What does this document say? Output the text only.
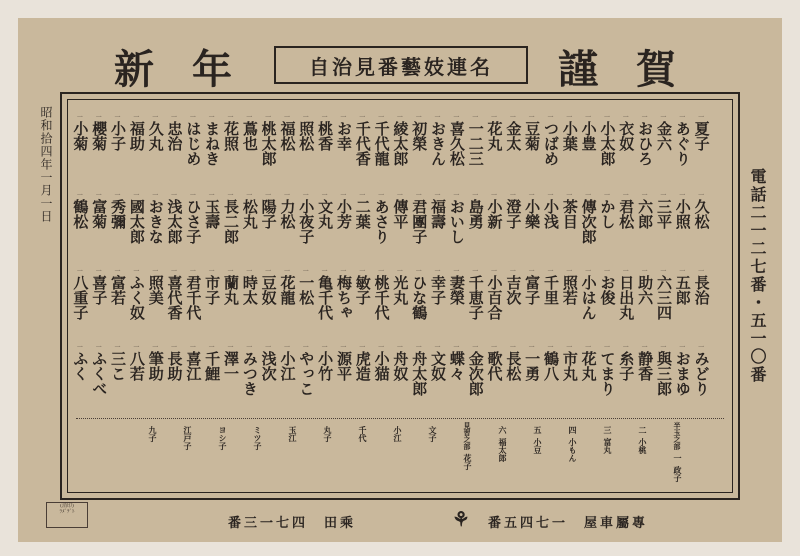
新年	自治見番藝妓連名	謹賀
昭和拾四年一月一日
電話二一二七番・五一〇番
一
夏子
一
久松
一
長治
一
みどり
一
あぐり
一
小照
一
五郎
一
おまゆ
一
金六
一
三平
一
六三四
一
與三郎
一
おひろ
一
六郎
一
助六
一
静香
一
衣奴
一
君松
一
日出丸
一
糸子
一
小太郎
一
かし
一
お俊
一
てまり
一
小豊
一
傳次郎
一
小はん
一
花丸
一
小葉
一
茶目
一
照若
一
市丸
一
つばめ
一
小浅
一
千里
一
鶴八
一
豆菊
一
小樂
一
富子
一
一勇
一
金太
一
澄子
一
吉次
一
長松
一
花丸
一
小新
一
小百合
一
歌代
一
一二三
一
島勇
一
千恵子
一
金次郎
一
喜久松
一
おいし
一
妻榮
一
蝶々
一
おきん
一
福壽
一
幸子
一
文奴
一
初榮
一
君團子
一
ひな鶴
一
舟太郎
一
綾太郎
一
傳平
一
光丸
一
舟奴
一
千代龍
一
あさり
一
桃千代
一
小猫
一
千代香
一
二葉
一
敏子
一
虎造
一
お幸
一
小芳
一
梅ちゃ
一
源平
一
桃香
一
文丸
一
亀千代
一
小竹
一
照松
一
小夜子
一
一松
一
やっこ
一
福松
一
力松
一
花龍
一
小江
一
桃太郎
一
陽子
一
豆奴
一
浅次
一
蔦也
一
松丸
一
時太
一
みつき
一
花照
一
長二郎
一
蘭丸
一
澤一
一
まねき
一
玉壽
一
市子
一
千鯉
一
はじめ
一
ひさ子
一
君千代
一
喜江
一
忠治
一
浅太郎
一
喜代香
一
長助
一
久丸
一
おきな
一
照美
一
筆助
一
福助
一
國太郎
一
ふく奴
一
八若
一
小子
一
秀彌
一
富若
一
三こ
一
櫻菊
一
富菊
一
喜子
一
ふくべ
一
小菊
一
鶴松
一
八重子
一
ふく
半玉之部
一
政子
二
小桃
三
富丸
四
小もん
五
小豆
六
福太郎
見習之部
花子
文子
小江
千代
丸子
玉江
ミツ子
ヨシ子
江戸子
九子
(消印)
ﾗﾒﾞﾃﾞﾄ
番三一七四　田乘	⚘ 番五四七一　屋車屬專
